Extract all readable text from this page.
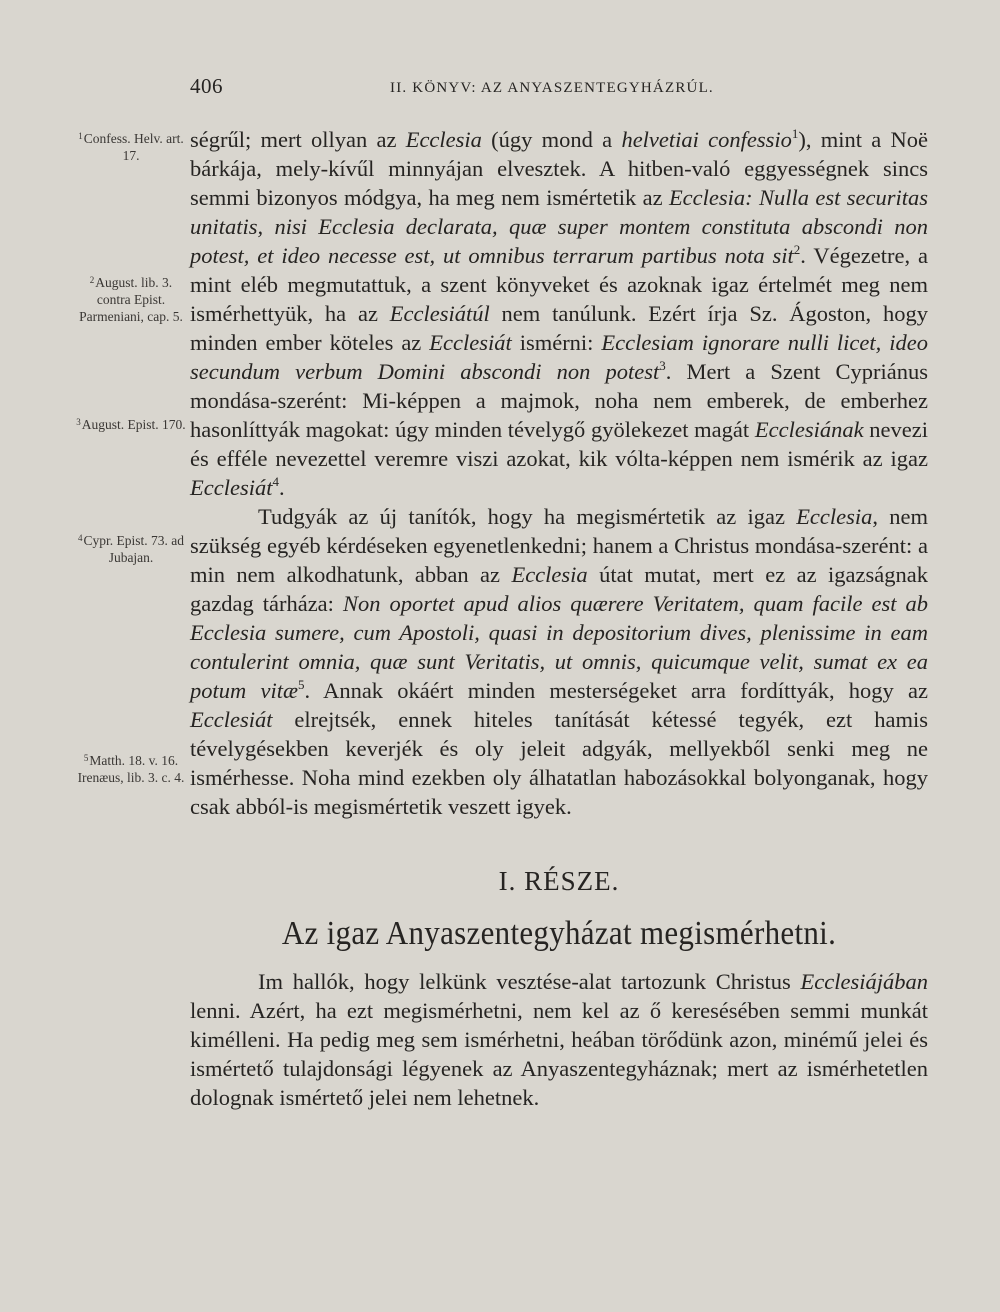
406	II. KÖNYV: AZ ANYASZENTEGYHÁZRÚL.
$^1$Confess. Helv. art. 17.
$^2$August. lib. 3. contra Epist. Parmeniani, cap. 5.
$^3$August. Epist. 170.
$^4$Cypr. Epist. 73. ad Jubajan.
$^5$Matth. 18. v. 16. Irenæus, lib. 3. c. 4.

ségrűl; mert ollyan az Ecclesia (úgy mond a helvetiai confessio$^1$), mint a Noë bárkája, mely-kívűl minnyájan elvesztek. A hitben-való eggyességnek sincs semmi bizonyos módgya, ha meg nem ismértetik az Ecclesia: Nulla est securitas unitatis, nisi Ecclesia declarata, quæ super montem constituta abscondi non potest, et ideo necesse est, ut omnibus terrarum partibus nota sit$^2$. Végezetre, a mint eléb megmutattuk, a szent könyveket és azoknak igaz értelmét meg nem ismérhettyük, ha az Ecclesiátúl nem tanúlunk. Ezért írja Sz. Ágoston, hogy minden ember köteles az Ecclesiát ismérni: Ecclesiam ignorare nulli licet, ideo secundum verbum Domini abscondi non potest$^3$. Mert a Szent Cypriánus mondása-szerént: Mi-képpen a majmok, noha nem emberek, de emberhez hasonlíttyák magokat: úgy minden tévelygő gyölekezet magát Ecclesiának nevezi és efféle nevezettel veremre viszi azokat, kik vólta-képpen nem ismérik az igaz Ecclesiát$^4$.

Tudgyák az új tanítók, hogy ha megismértetik az igaz Ecclesia, nem szükség egyéb kérdéseken egyenetlenkedni; hanem a Christus mondása-szerént: a min nem alkodhatunk, abban az Ecclesia útat mutat, mert ez az igazságnak gazdag tárháza: Non oportet apud alios quærere Veritatem, quam facile est ab Ecclesia sumere, cum Apostoli, quasi in depositorium dives, plenissime in eam contulerint omnia, quæ sunt Veritatis, ut omnis, quicumque velit, sumat ex ea potum vitæ$^5$. Annak okáért minden mesterségeket arra fordíttyák, hogy az Ecclesiát elrejtsék, ennek hiteles tanítását kétessé tegyék, ezt hamis tévelygésekben keverjék és oly jeleit adgyák, mellyekből senki meg ne ismérhesse. Noha mind ezekben oly álhatatlan habozásokkal bolyonganak, hogy csak abból-is megismértetik veszett igyek.

I. RÉSZE.
Az igaz Anyaszentegyházat megismérhetni.

Im hallók, hogy lelkünk vesztése-alat tartozunk Christus Ecclesiájában lenni. Azért, ha ezt megismérhetni, nem kel az ő keresésében semmi munkát kimélleni. Ha pedig meg sem ismérhetni, heában törődünk azon, minémű jelei és ismértető tulajdonsági légyenek az Anyaszentegyháznak; mert az ismérhetetlen dolognak ismértető jelei nem lehetnek.
